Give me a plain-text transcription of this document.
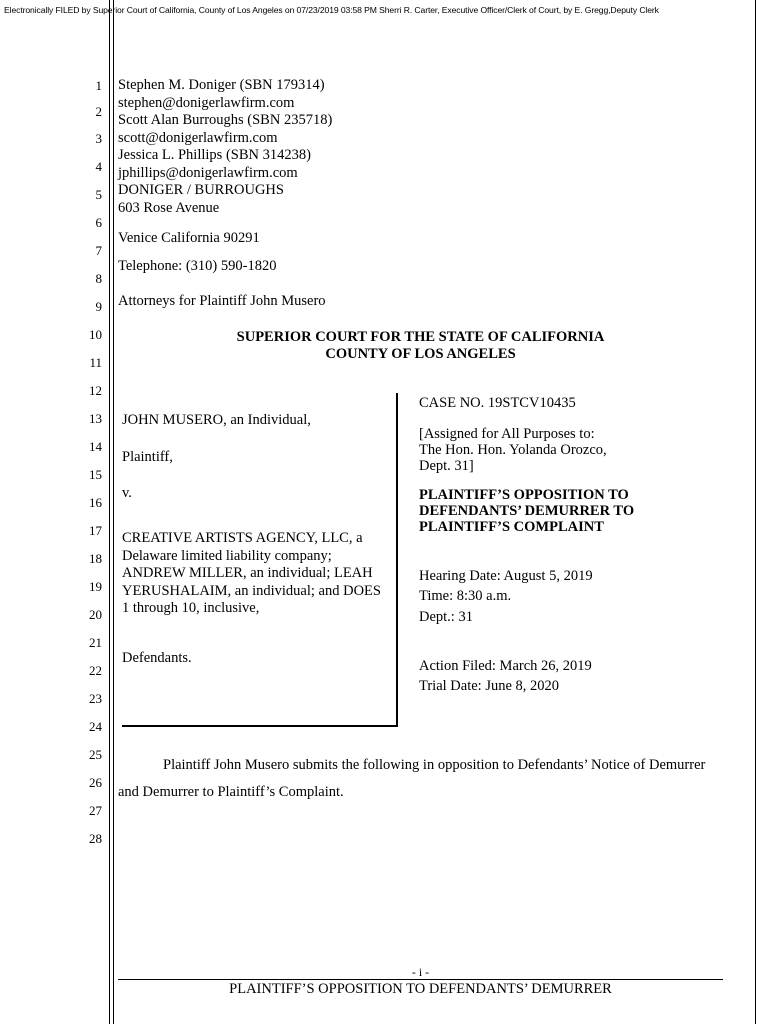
Electronically FILED by Superior Court of California, County of Los Angeles on 07/23/2019 03:58 PM Sherri R. Carter, Executive Officer/Clerk of Court, by E. Gregg,Deputy Clerk
1
2
3
4
5
6
7
8
9
10
11
12
13
14
15
16
17
18
19
20
21
22
23
24
25
26
27
28
Stephen M. Doniger (SBN 179314)
stephen@donigerlawfirm.com
Scott Alan Burroughs (SBN 235718)
scott@donigerlawfirm.com
Jessica L. Phillips (SBN 314238)
jphillips@donigerlawfirm.com
DONIGER / BURROUGHS
603 Rose Avenue
Venice California 90291
Telephone: (310) 590-1820
Attorneys for Plaintiff John Musero
SUPERIOR COURT FOR THE STATE OF CALIFORNIA
COUNTY OF LOS ANGELES
JOHN MUSERO, an Individual,
Plaintiff,
v.
CREATIVE ARTISTS AGENCY, LLC, a
Delaware limited liability company;
ANDREW MILLER, an individual; LEAH
YERUSHALAIM, an individual; and DOES
1 through 10, inclusive,
Defendants.
CASE NO. 19STCV10435
[Assigned for All Purposes to:
The Hon. Hon. Yolanda Orozco,
Dept. 31]
PLAINTIFF’S OPPOSITION TO
DEFENDANTS’ DEMURRER TO
PLAINTIFF’S COMPLAINT
Hearing Date: August 5, 2019
Time: 8:30 a.m.
Dept.: 31
Action Filed: March 26, 2019
Trial Date: June 8, 2020
Plaintiff John Musero submits the following in opposition to Defendants’ Notice of Demurrer
and Demurrer to Plaintiff’s Complaint.
- i -
PLAINTIFF’S OPPOSITION TO DEFENDANTS’ DEMURRER
